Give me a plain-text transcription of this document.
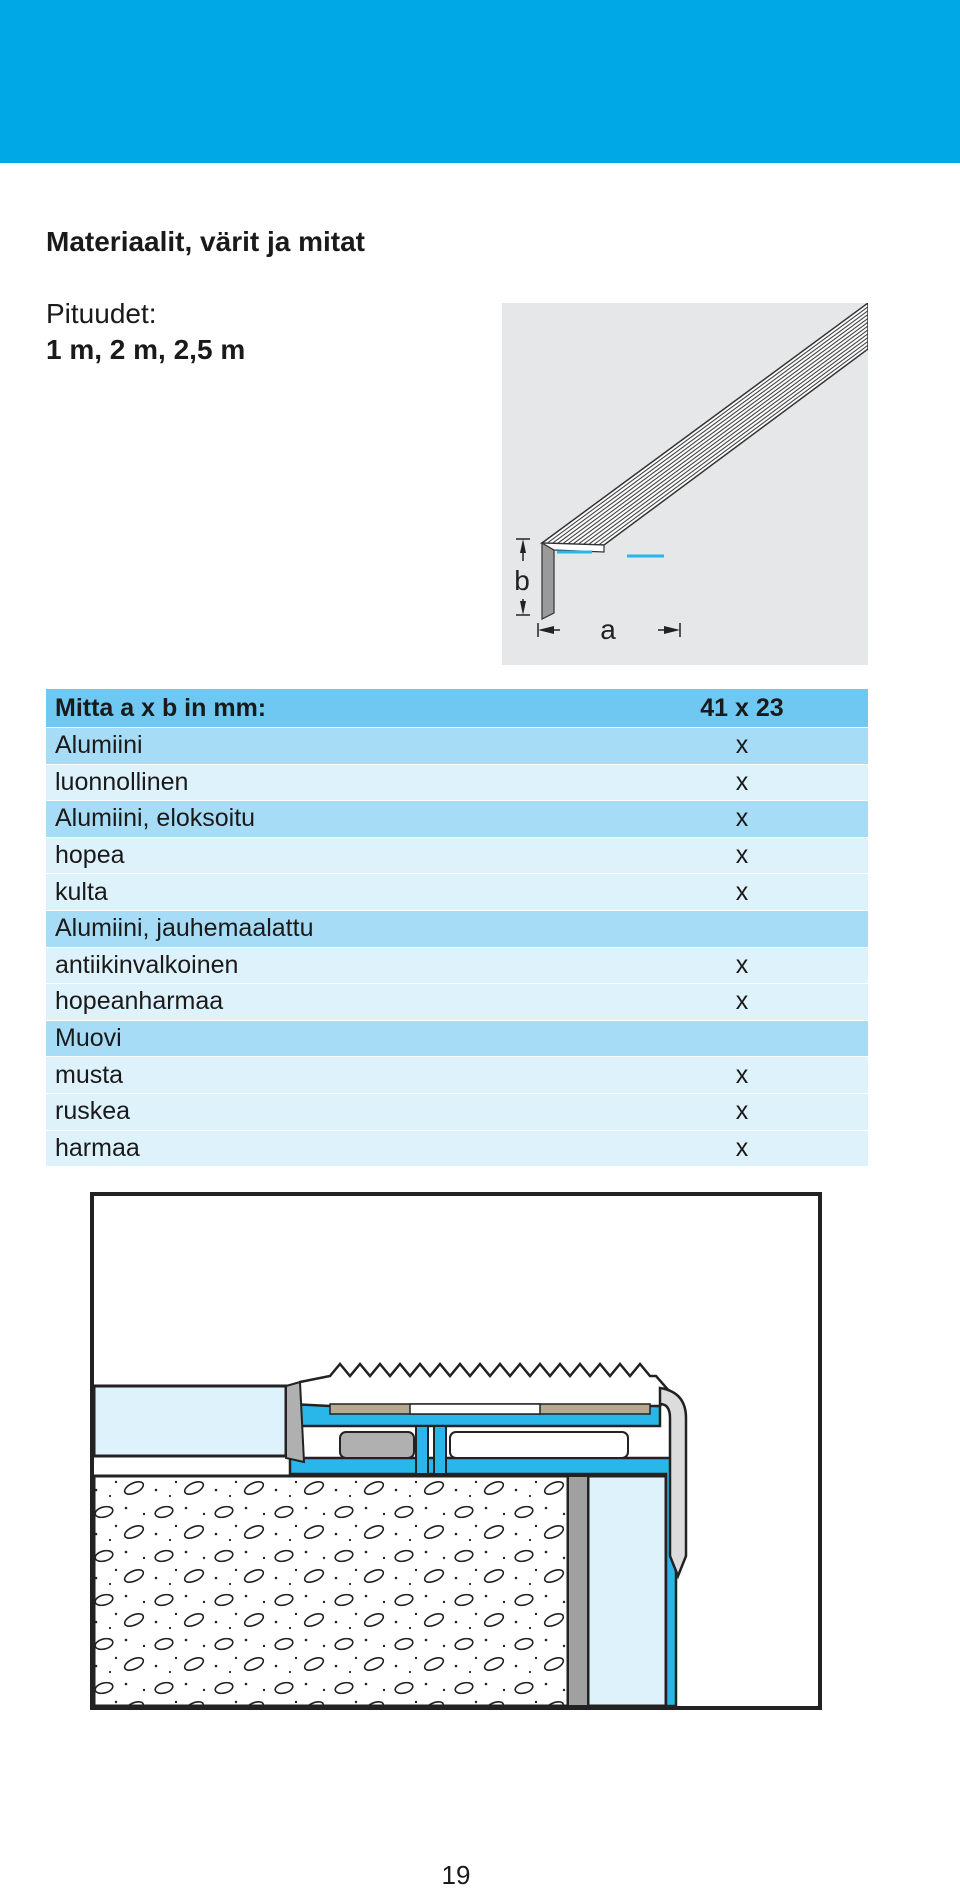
Materiaalit, värit ja mitat
Pituudet:
1 m, 2 m, 2,5 m
b
a
Mitta a x b in mm:	41 x 23
Alumiini	x
luonnollinen	x
Alumiini, eloksoitu	x
hopea	x
kulta	x
Alumiini, jauhemaalattu	
antiikinvalkoinen	x
hopeanharmaa	x
Muovi	
musta	x
ruskea	x
harmaa	x
19
